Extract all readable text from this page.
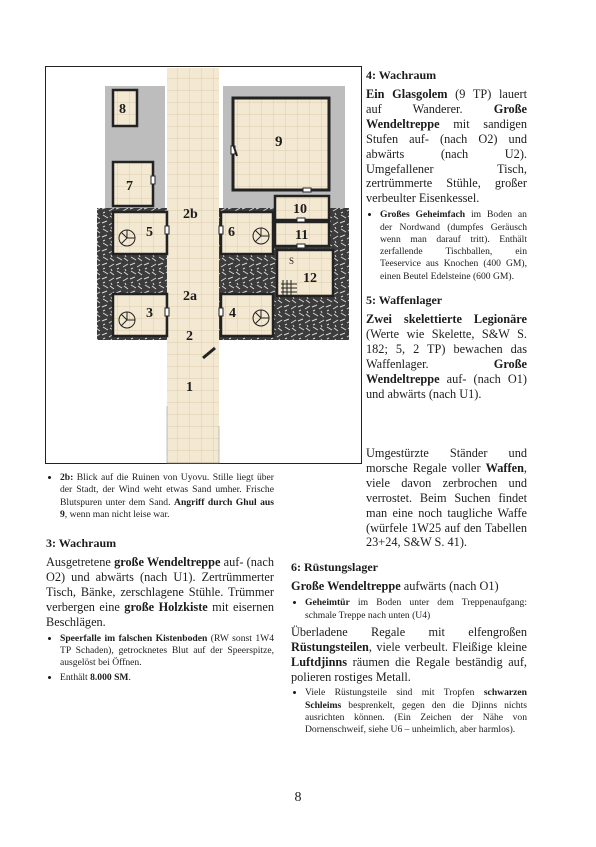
8
9
7
2b	10
11
5	6
12
2a
3	4
2
1
S
• 2b: Blick auf die Ruinen von Uyovu. Stille liegt über der Stadt, der Wind weht etwas Sand umher. Frische Blutspuren unter dem Sand. Angriff durch Ghul aus 9, wenn man nicht leise war.
3: Wachraum

Ausgetretene große Wendeltreppe auf- (nach O2) und abwärts (nach U1). Zertrümmerter Tisch, Bänke, zerschlagene Stühle. Trümmer verbergen eine große Holzkiste mit eisernen Beschlägen.

• Speerfalle im falschen Kistenboden (RW sonst 1W4 TP Schaden), getrocknetes Blut auf der Speerspitze, ausgelöst bei Öffnen.
• Enthält 8.000 SM.
4: Wachraum

Ein Glasgolem (9 TP) lauert auf Wanderer. Große Wendeltreppe mit sandigen Stufen auf- (nach O2) und abwärts (nach U2). Umgefallener Tisch, zertrümmerte Stühle, großer verbeulter Eisenkessel.

• Großes Geheimfach im Boden an der Nordwand (dumpfes Geräusch wenn man darauf tritt). Enthält zerfallende Tischballen, ein Teeservice aus Knochen (400 GM), einen Beutel Edelsteine (600 GM).
5: Waffenlager

Zwei skelettierte Legionäre (Werte wie Skelette, S&W S. 182; 5, 2 TP) bewachen das Waffenlager. Große Wendeltreppe auf- (nach O1) und abwärts (nach U1).

Umgestürzte Ständer und morsche Regale voller Waffen, viele davon zerbrochen und verrostet. Beim Suchen findet man eine noch taugliche Waffe (würfele 1W25 auf den Tabellen 23+24, S&W S. 41).

6: Rüstungslager

Große Wendeltreppe aufwärts (nach O1)

• Geheimtür im Boden unter dem Treppenaufgang: schmale Treppe nach unten (U4)

Überladene Regale mit elfengroßen Rüstungsteilen, viele verbeult. Fleißige kleine Luftdjinns räumen die Regale beständig auf, polieren rostiges Metall.

• Viele Rüstungsteile sind mit Tropfen schwarzen Schleims besprenkelt, gegen den die Djinns nichts ausrichten können. (Ein Zeichen der Nähe von Dornenschweif, siehe U6 – unheimlich, aber harmlos).
8
